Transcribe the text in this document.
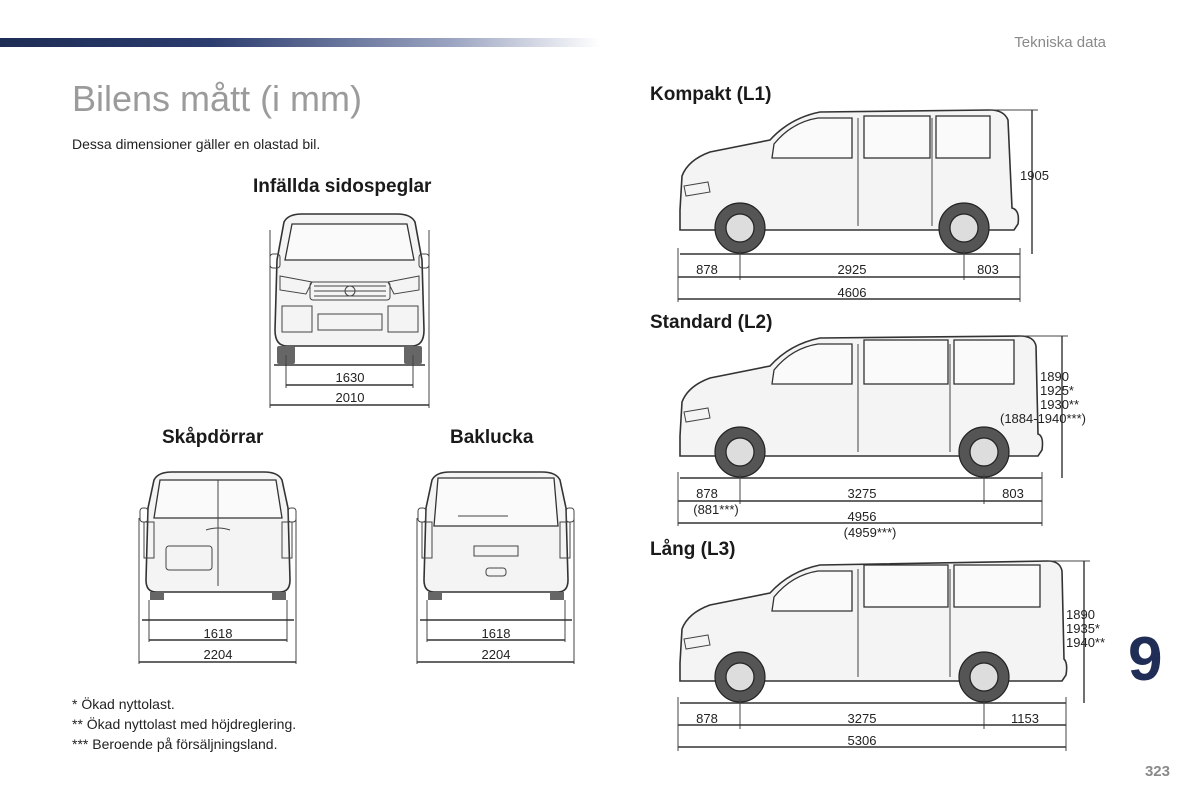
Tekniska data
Bilens mått (i mm)
Dessa dimensioner gäller en olastad bil.
Infällda sidospeglar
Skåpdörrar	Baklucka
Kompakt (L1)
Standard (L2)
Lång (L3)
1630
2010
1618
2204
1618
2204
878	2925	803
4606
1905
878
(881***)
3275	803
4956
(4959***)
1890
1925*
1930**
(1884-1940***)
878	3275	1153
5306
1890
1935*
1940**
* Ökad nyttolast.
** Ökad nyttolast med höjdreglering.
*** Beroende på försäljningsland.
9
323
